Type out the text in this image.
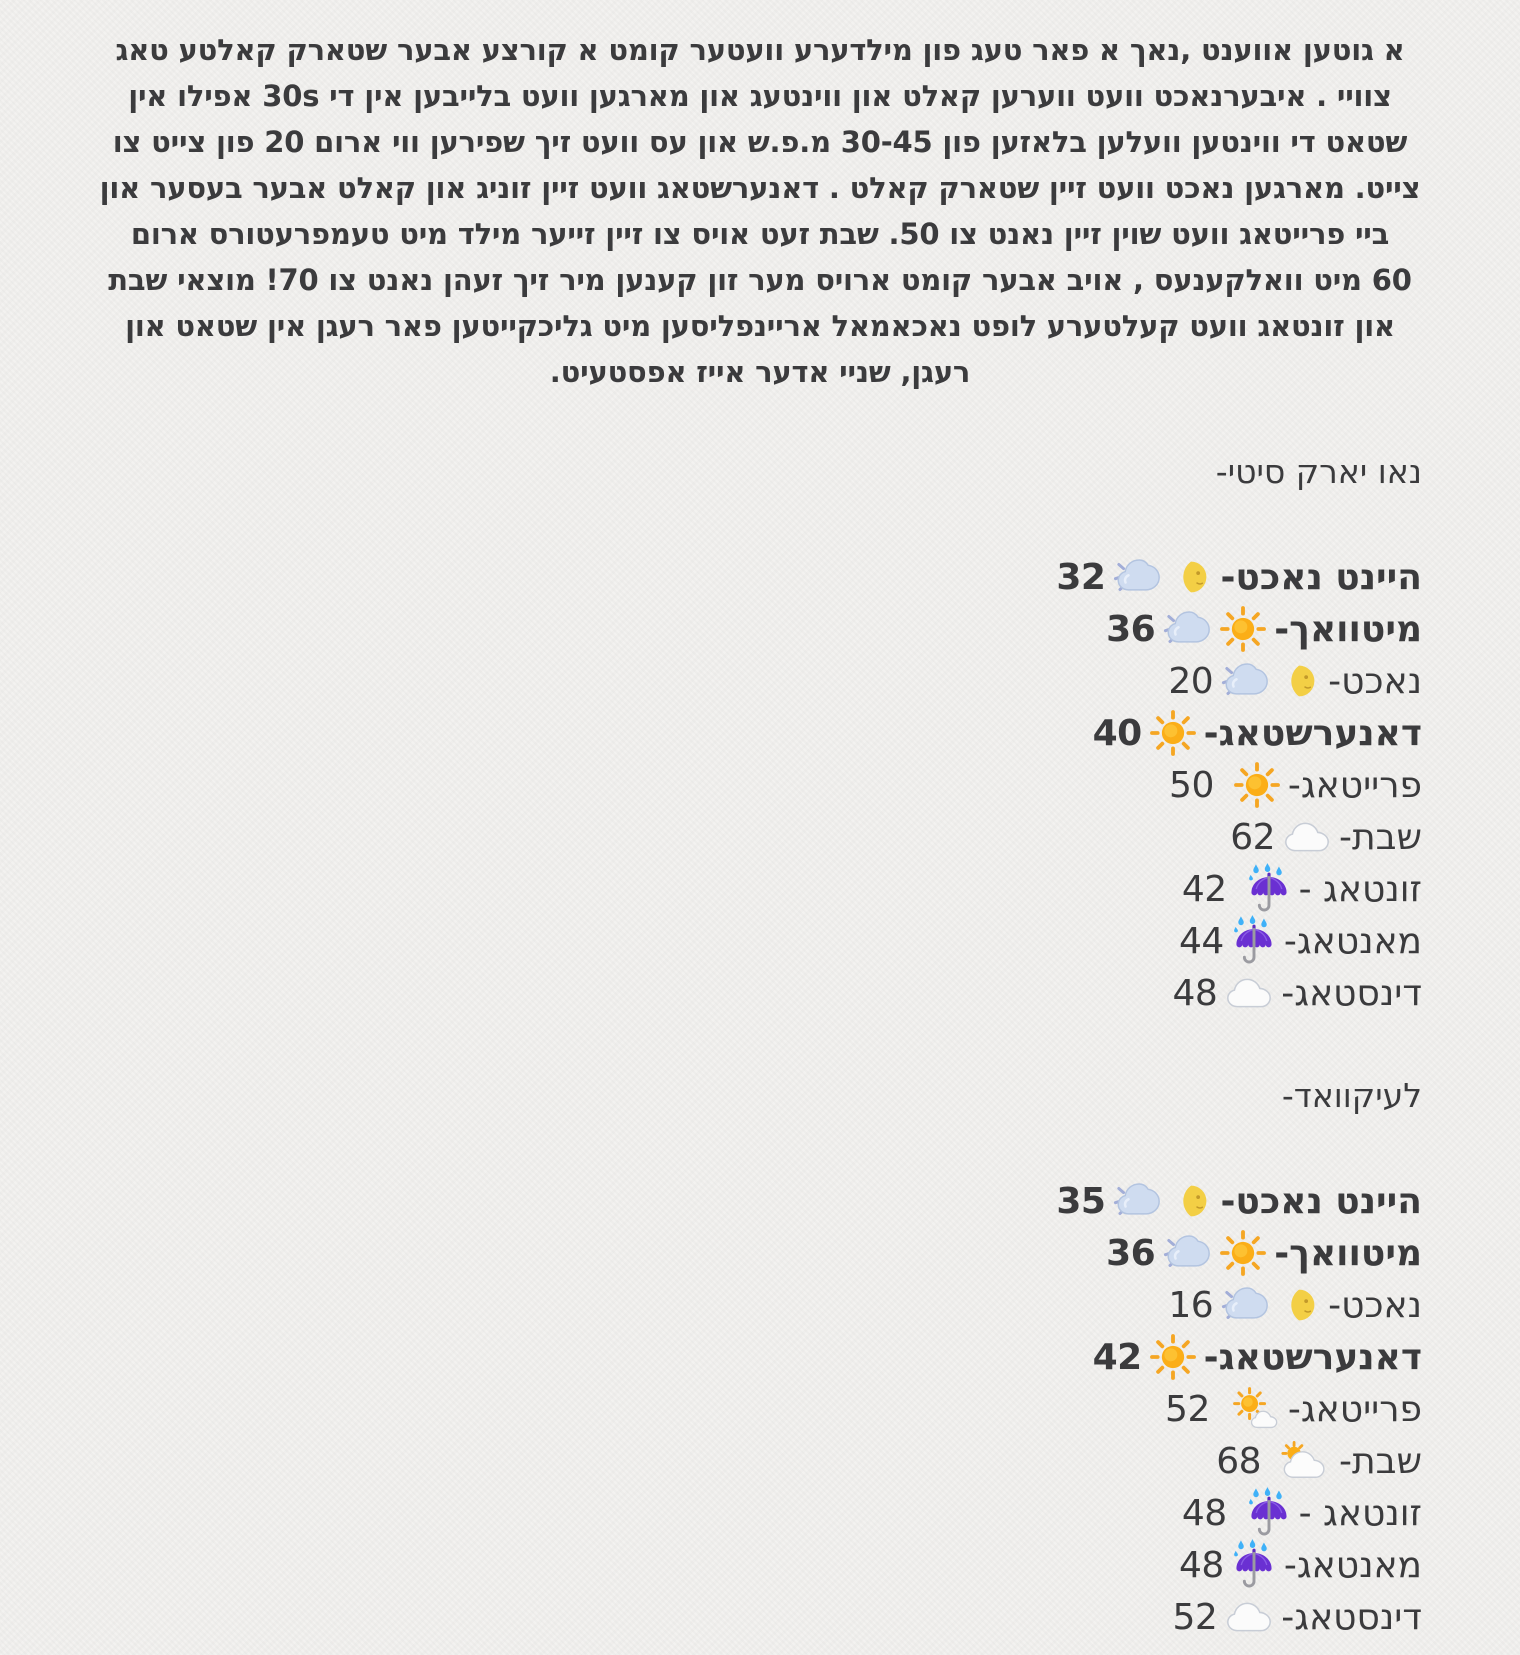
א גוטען אווענט ,נאך א פאר טעג פון מילדערע וועטער קומט א קורצע אבער שטארק קאלטע טאג
צוויי . איבערנאכט וועט ווערען קאלט און ווינטעג און מארגען וועט בלייבען אין די 30s אפילו אין
שטאט די ווינטען וועלען בלאזען פון 30-45 מ.פ.ש און עס וועט זיך שפירען ווי ארום 20 פון צייט צו
צייט. מארגען נאכט וועט זיין שטארק קאלט . דאנערשטאג וועט זיין זוניג און קאלט אבער בעסער און
ביי פרייטאג וועט שוין זיין נאנט צו 50. שבת זעט אויס צו זיין זייער מילד מיט טעמפרעטורס ארום
60 מיט וואלקענעס , אויב אבער קומט ארויס מער זון קענען מיר זיך זעהן נאנט צו 70! מוצאי שבת
און זונטאג וועט קעלטערע לופט נאכאמאל אריינפליסען מיט גליכקייטען פאר רעגן אין שטאט און
רעגן, שניי אדער אייז אפסטעיט.
נאו יארק סיטי-
היינט נאכט-
32
מיטוואך-
36
נאכט-
20
דאנערשטאג-
40
פרייטאג-
50
שבת-
62
זונטאג -
42
מאנטאג-
44
דינסטאג-
48
לעיקוואד-
היינט נאכט-
35
מיטוואך-
36
נאכט-
16
דאנערשטאג-
42
פרייטאג-
52
שבת-
68
זונטאג -
48
מאנטאג-
48
דינסטאג-
52
